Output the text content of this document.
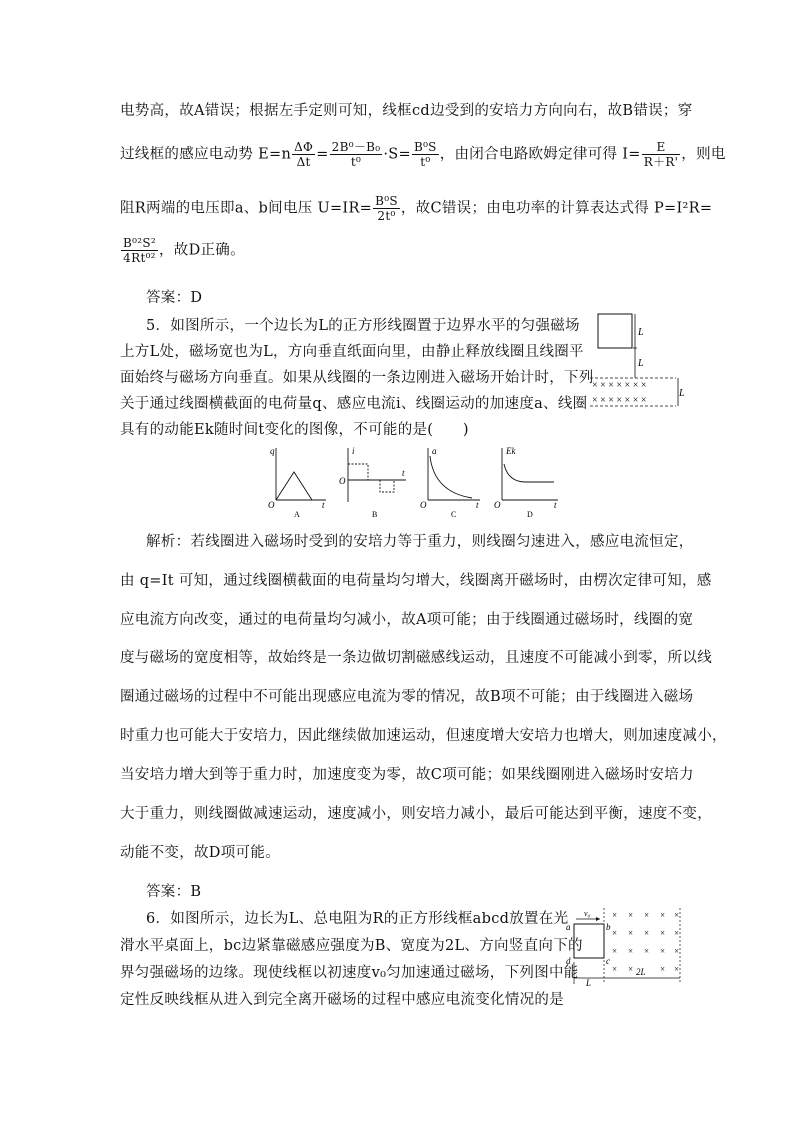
电势高，故A错误；根据左手定则可知，线框cd边受到的安培力方向向右，故B错误；穿
过线框的感应电动势 $E=n \frac{\Delta\Phi}{\Delta t} = \frac{\text{2B⁰－B₀}}{\text{t⁰}} \cdot S= \frac{\text{B⁰S}}{\text{t⁰}}$ ，由闭合电路欧姆定律可得 $I= \frac{E}{R+R'}$ ，则电
阻R两端的电压即a、b间电压 $U=IR= \frac{\text{B⁰S}}{\text{2t⁰}}$ ，故C错误；由电功率的计算表达式得 P=I²R=
$\frac{\text{B⁰²S²}}{\text{4Rt⁰²}}$ ，故D正确。
答案：D
5．如图所示，一个边长为L的正方形线圈置于边界水平的匀强磁场
上方L处，磁场宽也为L，方向垂直纸面向里，由静止释放线圈且线圈平
面始终与磁场方向垂直。如果从线圈的一条边刚进入磁场开始计时，下列
关于通过线圈横截面的电荷量q、感应电流i、线圈运动的加速度a、线圈
具有的动能Ek随时间t变化的图像，不可能的是(　　)
L
L
L
× × × × × × ×
× × × × × × ×
q
O	t
A
i
O
t
B
a
O	t
C
Ek
O	t
D
解析：若线圈进入磁场时受到的安培力等于重力，则线圈匀速进入，感应电流恒定，
由 q=It 可知，通过线圈横截面的电荷量均匀增大，线圈离开磁场时，由楞次定律可知，感
应电流方向改变，通过的电荷量均匀减小，故A项可能；由于线圈通过磁场时，线圈的宽
度与磁场的宽度相等，故始终是一条边做切割磁感线运动，且速度不可能减小到零，所以线
圈通过磁场的过程中不可能出现感应电流为零的情况，故B项不可能；由于线圈进入磁场
时重力也可能大于安培力，因此继续做加速运动，但速度增大安培力也增大，则加速度减小，
当安培力增大到等于重力时，加速度变为零，故C项可能；如果线圈刚进入磁场时安培力
大于重力，则线圈做减速运动，速度减小，则安培力减小，最后可能达到平衡，速度不变，
动能不变，故D项可能。
答案：B
6．如图所示，边长为L、总电阻为R的正方形线框abcd放置在光
滑水平桌面上，bc边紧靠磁感应强度为B、宽度为2L、方向竖直向下的
界匀强磁场的边缘。现使线框以初速度v₀匀加速通过磁场，下列图中能
定性反映线框从进入到完全离开磁场的过程中感应电流变化情况的是
v₀
a	b
c
d
× × × × ×
× × × × ×
× × × × ×
× ×	× ×
L
2L
